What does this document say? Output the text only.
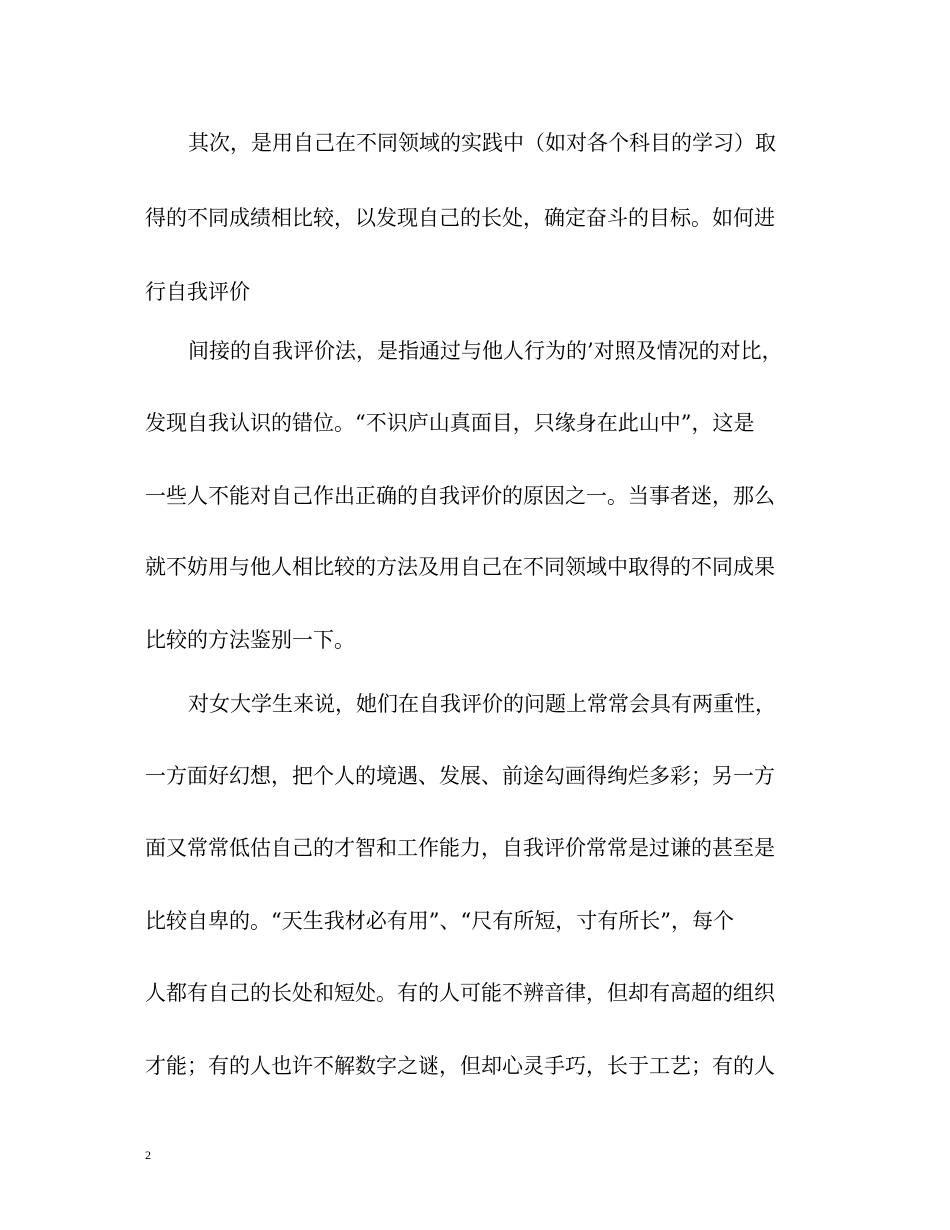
其次，是用自己在不同领域的实践中（如对各个科目的学习）取
得的不同成绩相比较，以发现自己的长处，确定奋斗的目标。如何进
行自我评价
间接的自我评价法，是指通过与他人行为的’对照及情况的对比，
发现自我认识的错位。“不识庐山真面目，只缘身在此山中”，这是
一些人不能对自己作出正确的自我评价的原因之一。当事者迷，那么
就不妨用与他人相比较的方法及用自己在不同领域中取得的不同成果
比较的方法鉴别一下。
对女大学生来说，她们在自我评价的问题上常常会具有两重性，
一方面好幻想，把个人的境遇、发展、前途勾画得绚烂多彩；另一方
面又常常低估自己的才智和工作能力，自我评价常常是过谦的甚至是
比较自卑的。“天生我材必有用”、“尺有所短，寸有所长”，每个
人都有自己的长处和短处。有的人可能不辨音律，但却有高超的组织
才能；有的人也许不解数字之谜，但却心灵手巧，长于工艺；有的人
2
